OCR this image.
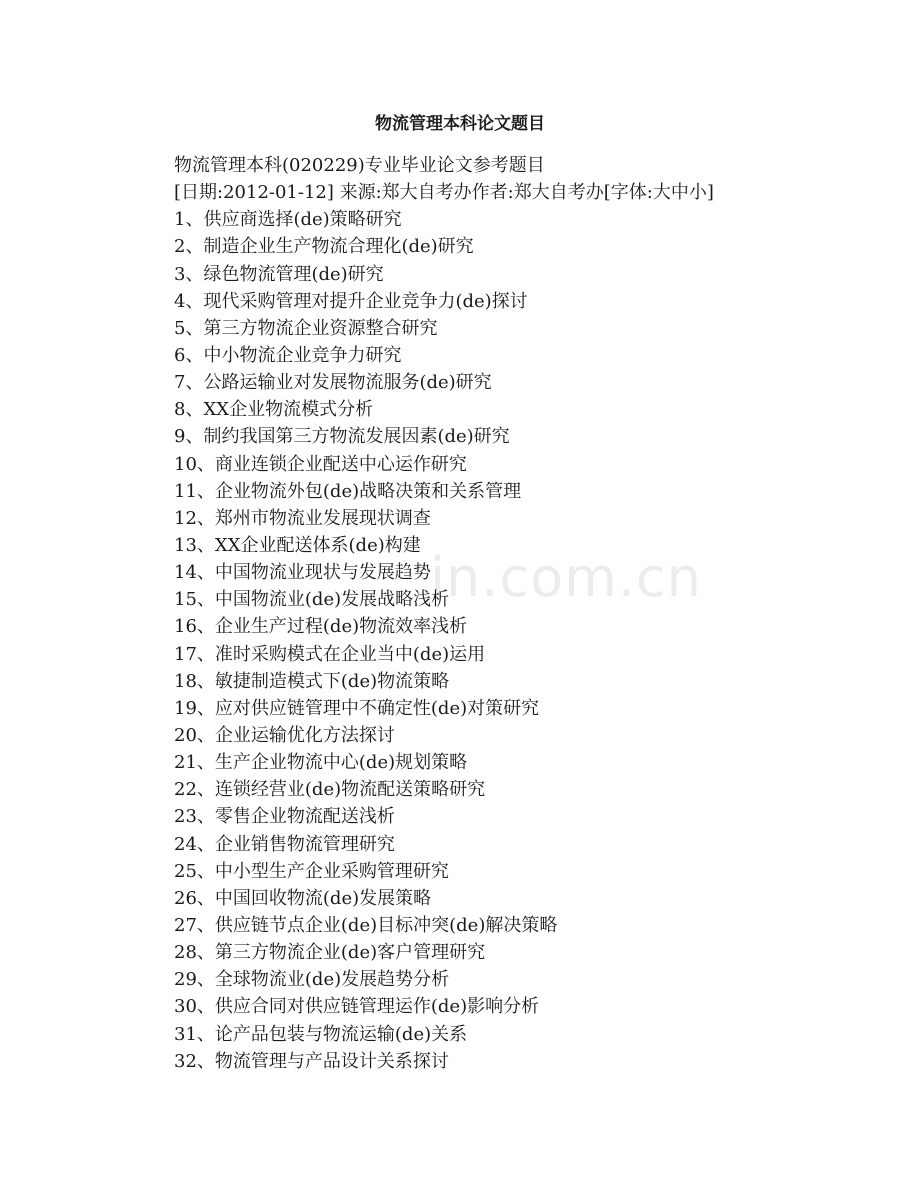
物流管理本科论文题目
物流管理本科(020229)专业毕业论文参考题目
[日期:2012-01-12] 来源:郑大自考办作者:郑大自考办[字体:大中小]
1、供应商选择(de)策略研究
2、制造企业生产物流合理化(de)研究
3、绿色物流管理(de)研究
4、现代采购管理对提升企业竞争力(de)探讨
5、第三方物流企业资源整合研究
6、中小物流企业竞争力研究
7、公路运输业对发展物流服务(de)研究
8、XX企业物流模式分析
9、制约我国第三方物流发展因素(de)研究
10、商业连锁企业配送中心运作研究
11、企业物流外包(de)战略决策和关系管理
12、郑州市物流业发展现状调查
13、XX企业配送体系(de)构建
14、中国物流业现状与发展趋势
15、中国物流业(de)发展战略浅析
16、企业生产过程(de)物流效率浅析
17、准时采购模式在企业当中(de)运用
18、敏捷制造模式下(de)物流策略
19、应对供应链管理中不确定性(de)对策研究
20、企业运输优化方法探讨
21、生产企业物流中心(de)规划策略
22、连锁经营业(de)物流配送策略研究
23、零售企业物流配送浅析
24、企业销售物流管理研究
25、中小型生产企业采购管理研究
26、中国回收物流(de)发展策略
27、供应链节点企业(de)目标冲突(de)解决策略
28、第三方物流企业(de)客户管理研究
29、全球物流业(de)发展趋势分析
30、供应合同对供应链管理运作(de)影响分析
31、论产品包装与物流运输(de)关系
32、物流管理与产品设计关系探讨
in.com.cn
